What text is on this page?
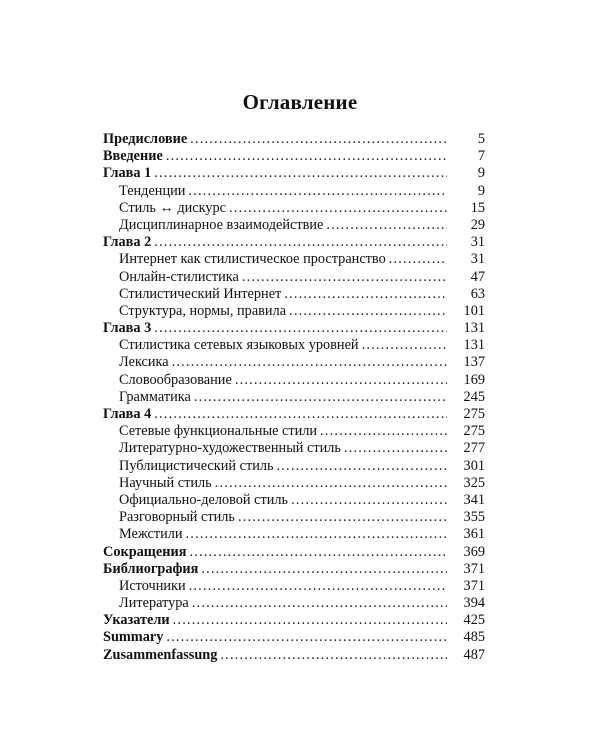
Оглавление
Предисловие .....	5
Введение .....	7
Глава 1 .....	9
Тенденции .....	9
Стиль ↔ дискурс .....	15
Дисциплинарное взаимодействие .....	29
Глава 2 .....	31
Интернет как стилистическое пространство .....	31
Онлайн-стилистика .....	47
Стилистический Интернет .....	63
Структура, нормы, правила .....	101
Глава 3 .....	131
Стилистика сетевых языковых уровней .....	131
Лексика .....	137
Словообразование .....	169
Грамматика .....	245
Глава 4 .....	275
Сетевые функциональные стили .....	275
Литературно-художественный стиль .....	277
Публицистический стиль .....	301
Научный стиль .....	325
Официально-деловой стиль .....	341
Разговорный стиль .....	355
Межстили .....	361
Сокращения .....	369
Библиография .....	371
Источники .....	371
Литература .....	394
Указатели .....	425
Summary .....	485
Zusammenfassung .....	487
